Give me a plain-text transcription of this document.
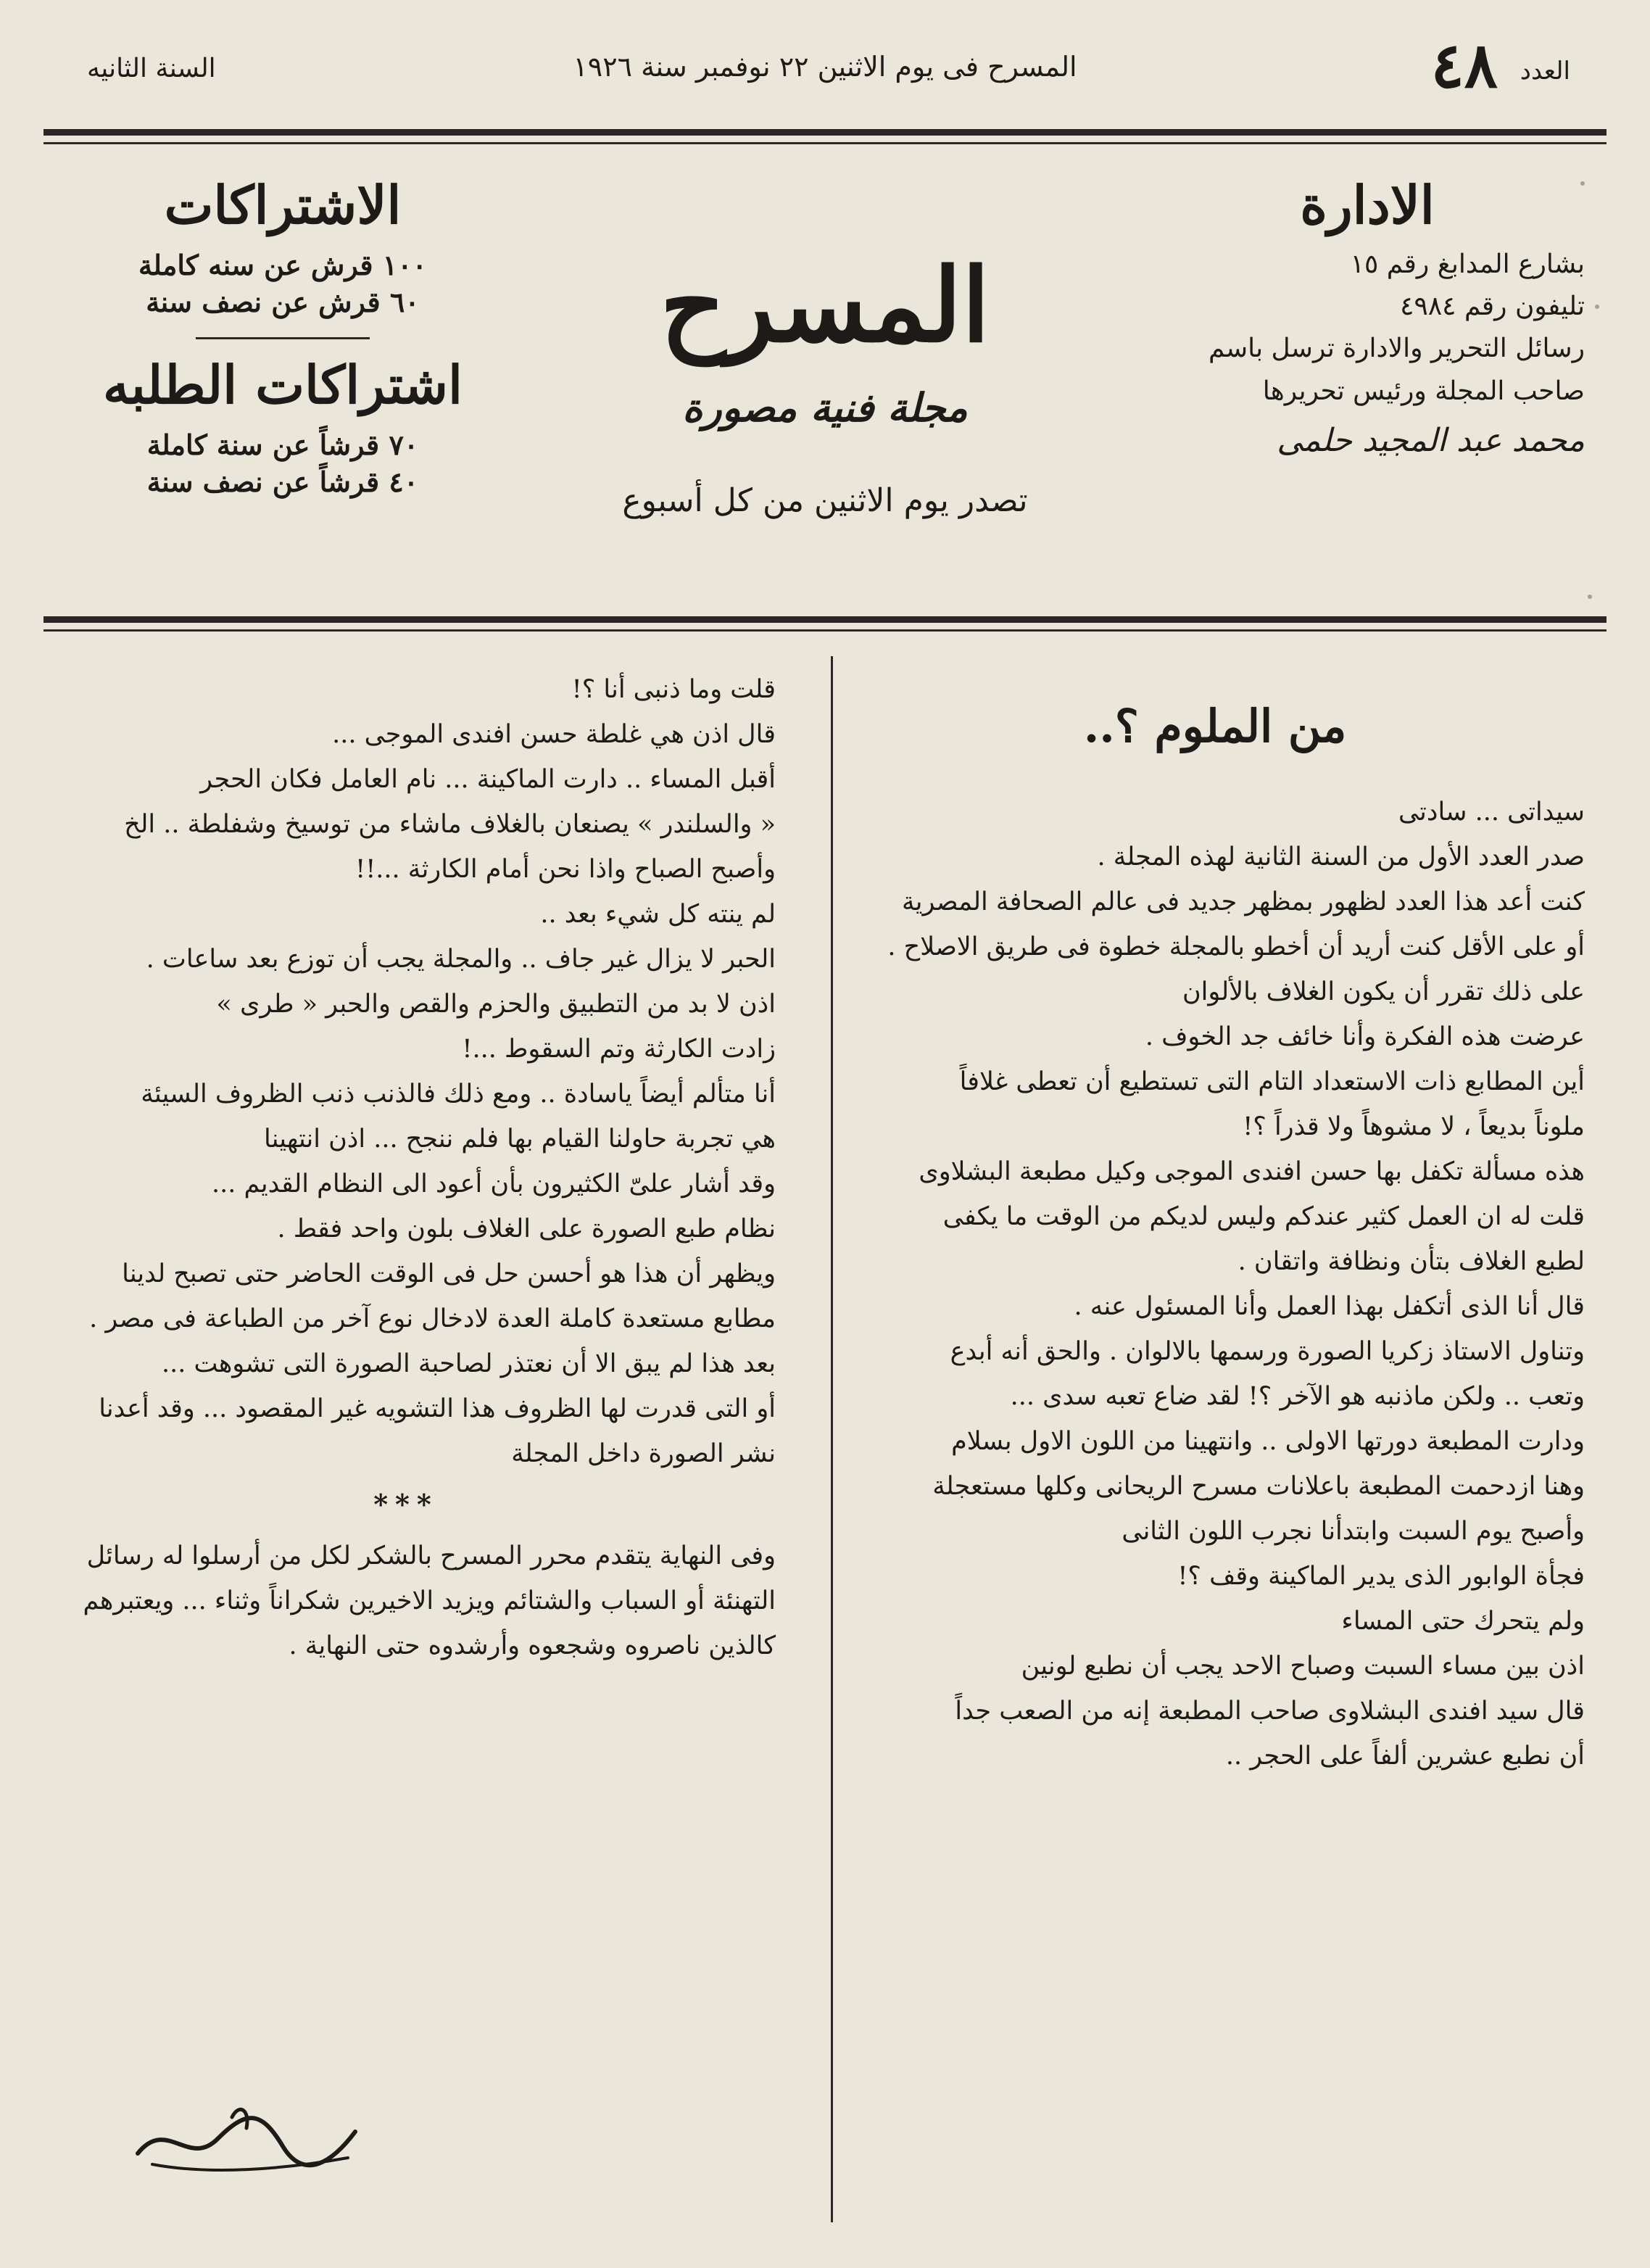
العدد
٤٨
المسرح فى يوم الاثنين ٢٢ نوفمبر سنة ١٩٢٦
السنة الثانيه
الادارة

بشارع المدابغ رقم ١٥

تليفون رقم ٤٩٨٤

رسائل التحرير والادارة ترسل باسم

صاحب المجلة ورئيس تحريرها

محمد عبد المجيد حلمى

المسرح
مجلة فنية مصورة
تصدر يوم الاثنين من كل أسبوع
الاشتراكات

١٠٠ قرش عن سنه كاملة

٦٠ قرش عن نصف سنة

اشتراكات الطلبه

٧٠ قرشاً عن سنة كاملة

٤٠ قرشاً عن نصف سنة

من الملوم ؟..

سيداتى ... سادتى

صدر العدد الأول من السنة الثانية لهذه المجلة .

كنت أعد هذا العدد لظهور بمظهر جديد فى عالم الصحافة المصرية

أو على الأقل كنت أريد أن أخطو بالمجلة خطوة فى طريق الاصلاح .

على ذلك تقرر أن يكون الغلاف بالألوان

عرضت هذه الفكرة وأنا خائف جد الخوف .

أين المطابع ذات الاستعداد التام التى تستطيع أن تعطى غلافاً

ملوناً بديعاً ، لا مشوهاً ولا قذراً ؟!

هذه مسألة تكفل بها حسن افندى الموجى وكيل مطبعة البشلاوى

قلت له ان العمل كثير عندكم وليس لديكم من الوقت ما يكفى

لطبع الغلاف بتأن ونظافة واتقان .

قال أنا الذى أتكفل بهذا العمل وأنا المسئول عنه .

وتناول الاستاذ زكريا الصورة ورسمها بالالوان . والحق أنه أبدع

وتعب .. ولكن ماذنبه هو الآخر ؟! لقد ضاع تعبه سدى ...

ودارت المطبعة دورتها الاولى .. وانتهينا من اللون الاول بسلام

وهنا ازدحمت المطبعة باعلانات مسرح الريحانى وكلها مستعجلة

وأصبح يوم السبت وابتدأنا نجرب اللون الثانى

فجأة الوابور الذى يدير الماكينة وقف ؟!

ولم يتحرك حتى المساء

اذن بين مساء السبت وصباح الاحد يجب أن نطبع لونين

قال سيد افندى البشلاوى صاحب المطبعة إنه من الصعب جداً

أن نطبع عشرين ألفاً على الحجر ..

قلت وما ذنبى أنا ؟!

قال اذن هي غلطة حسن افندى الموجى ...

أقبل المساء .. دارت الماكينة ... نام العامل فكان الحجر

« والسلندر » يصنعان بالغلاف ماشاء من توسيخ وشفلطة .. الخ

وأصبح الصباح واذا نحن أمام الكارثة ...!!

لم ينته كل شيء بعد ..

الحبر لا يزال غير جاف .. والمجلة يجب أن توزع بعد ساعات .

اذن لا بد من التطبيق والحزم والقص والحبر « طرى »

زادت الكارثة وتم السقوط ...!

أنا متألم أيضاً ياسادة .. ومع ذلك فالذنب ذنب الظروف السيئة

هي تجربة حاولنا القيام بها فلم ننجح ... اذن انتهينا

وقد أشار علىّ الكثيرون بأن أعود الى النظام القديم ...

نظام طبع الصورة على الغلاف بلون واحد فقط .

ويظهر أن هذا هو أحسن حل فى الوقت الحاضر حتى تصبح لدينا

مطابع مستعدة كاملة العدة لادخال نوع آخر من الطباعة فى مصر .

بعد هذا لم يبق الا أن نعتذر لصاحبة الصورة التى تشوهت ...

أو التى قدرت لها الظروف هذا التشويه غير المقصود ... وقد أعدنا

نشر الصورة داخل المجلة

***

وفى النهاية يتقدم محرر المسرح بالشكر لكل من أرسلوا له رسائل

التهنئة أو السباب والشتائم ويزيد الاخيرين شكراناً وثناء ... ويعتبرهم

كالذين ناصروه وشجعوه وأرشدوه حتى النهاية .
